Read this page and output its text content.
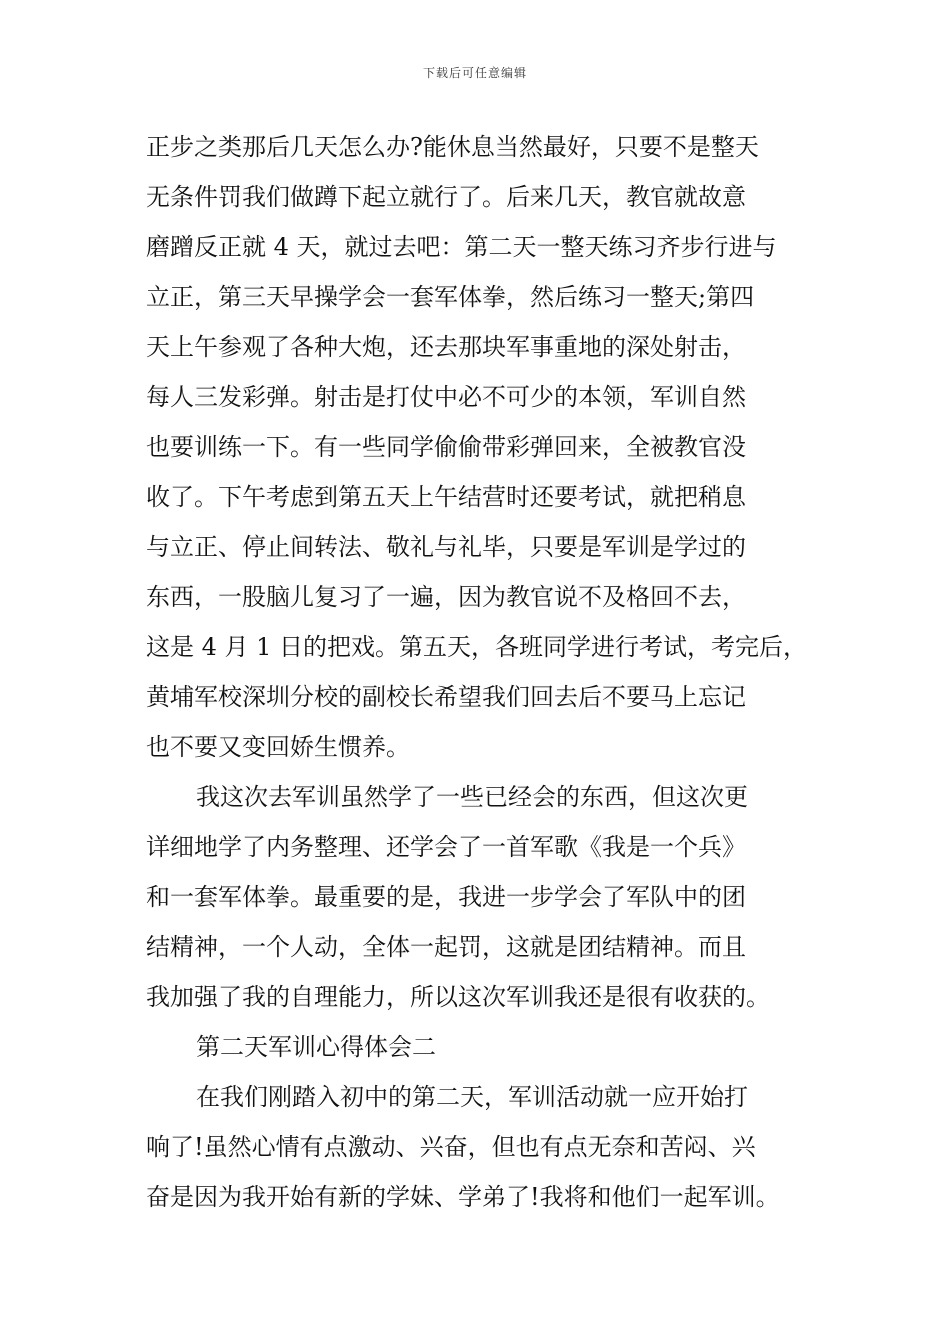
下载后可任意编辑
正步之类那后几天怎么办?能休息当然最好，只要不是整天
无条件罚我们做蹲下起立就行了。后来几天，教官就故意
磨蹭反正就 4 天，就过去吧：第二天一整天练习齐步行进与
立正，第三天早操学会一套军体拳，然后练习一整天;第四
天上午参观了各种大炮，还去那块军事重地的深处射击，
每人三发彩弹。射击是打仗中必不可少的本领，军训自然
也要训练一下。有一些同学偷偷带彩弹回来，全被教官没
收了。下午考虑到第五天上午结营时还要考试，就把稍息
与立正、停止间转法、敬礼与礼毕，只要是军训是学过的
东西，一股脑儿复习了一遍，因为教官说不及格回不去，
这是 4 月 1 日的把戏。第五天，各班同学进行考试，考完后，
黄埔军校深圳分校的副校长希望我们回去后不要马上忘记
也不要又变回娇生惯养。
我这次去军训虽然学了一些已经会的东西，但这次更
详细地学了内务整理、还学会了一首军歌《我是一个兵》
和一套军体拳。最重要的是，我进一步学会了军队中的团
结精神，一个人动，全体一起罚，这就是团结精神。而且
我加强了我的自理能力，所以这次军训我还是很有收获的。
第二天军训心得体会二
在我们刚踏入初中的第二天，军训活动就一应开始打
响了!虽然心情有点激动、兴奋，但也有点无奈和苦闷、兴
奋是因为我开始有新的学妹、学弟了!我将和他们一起军训。
